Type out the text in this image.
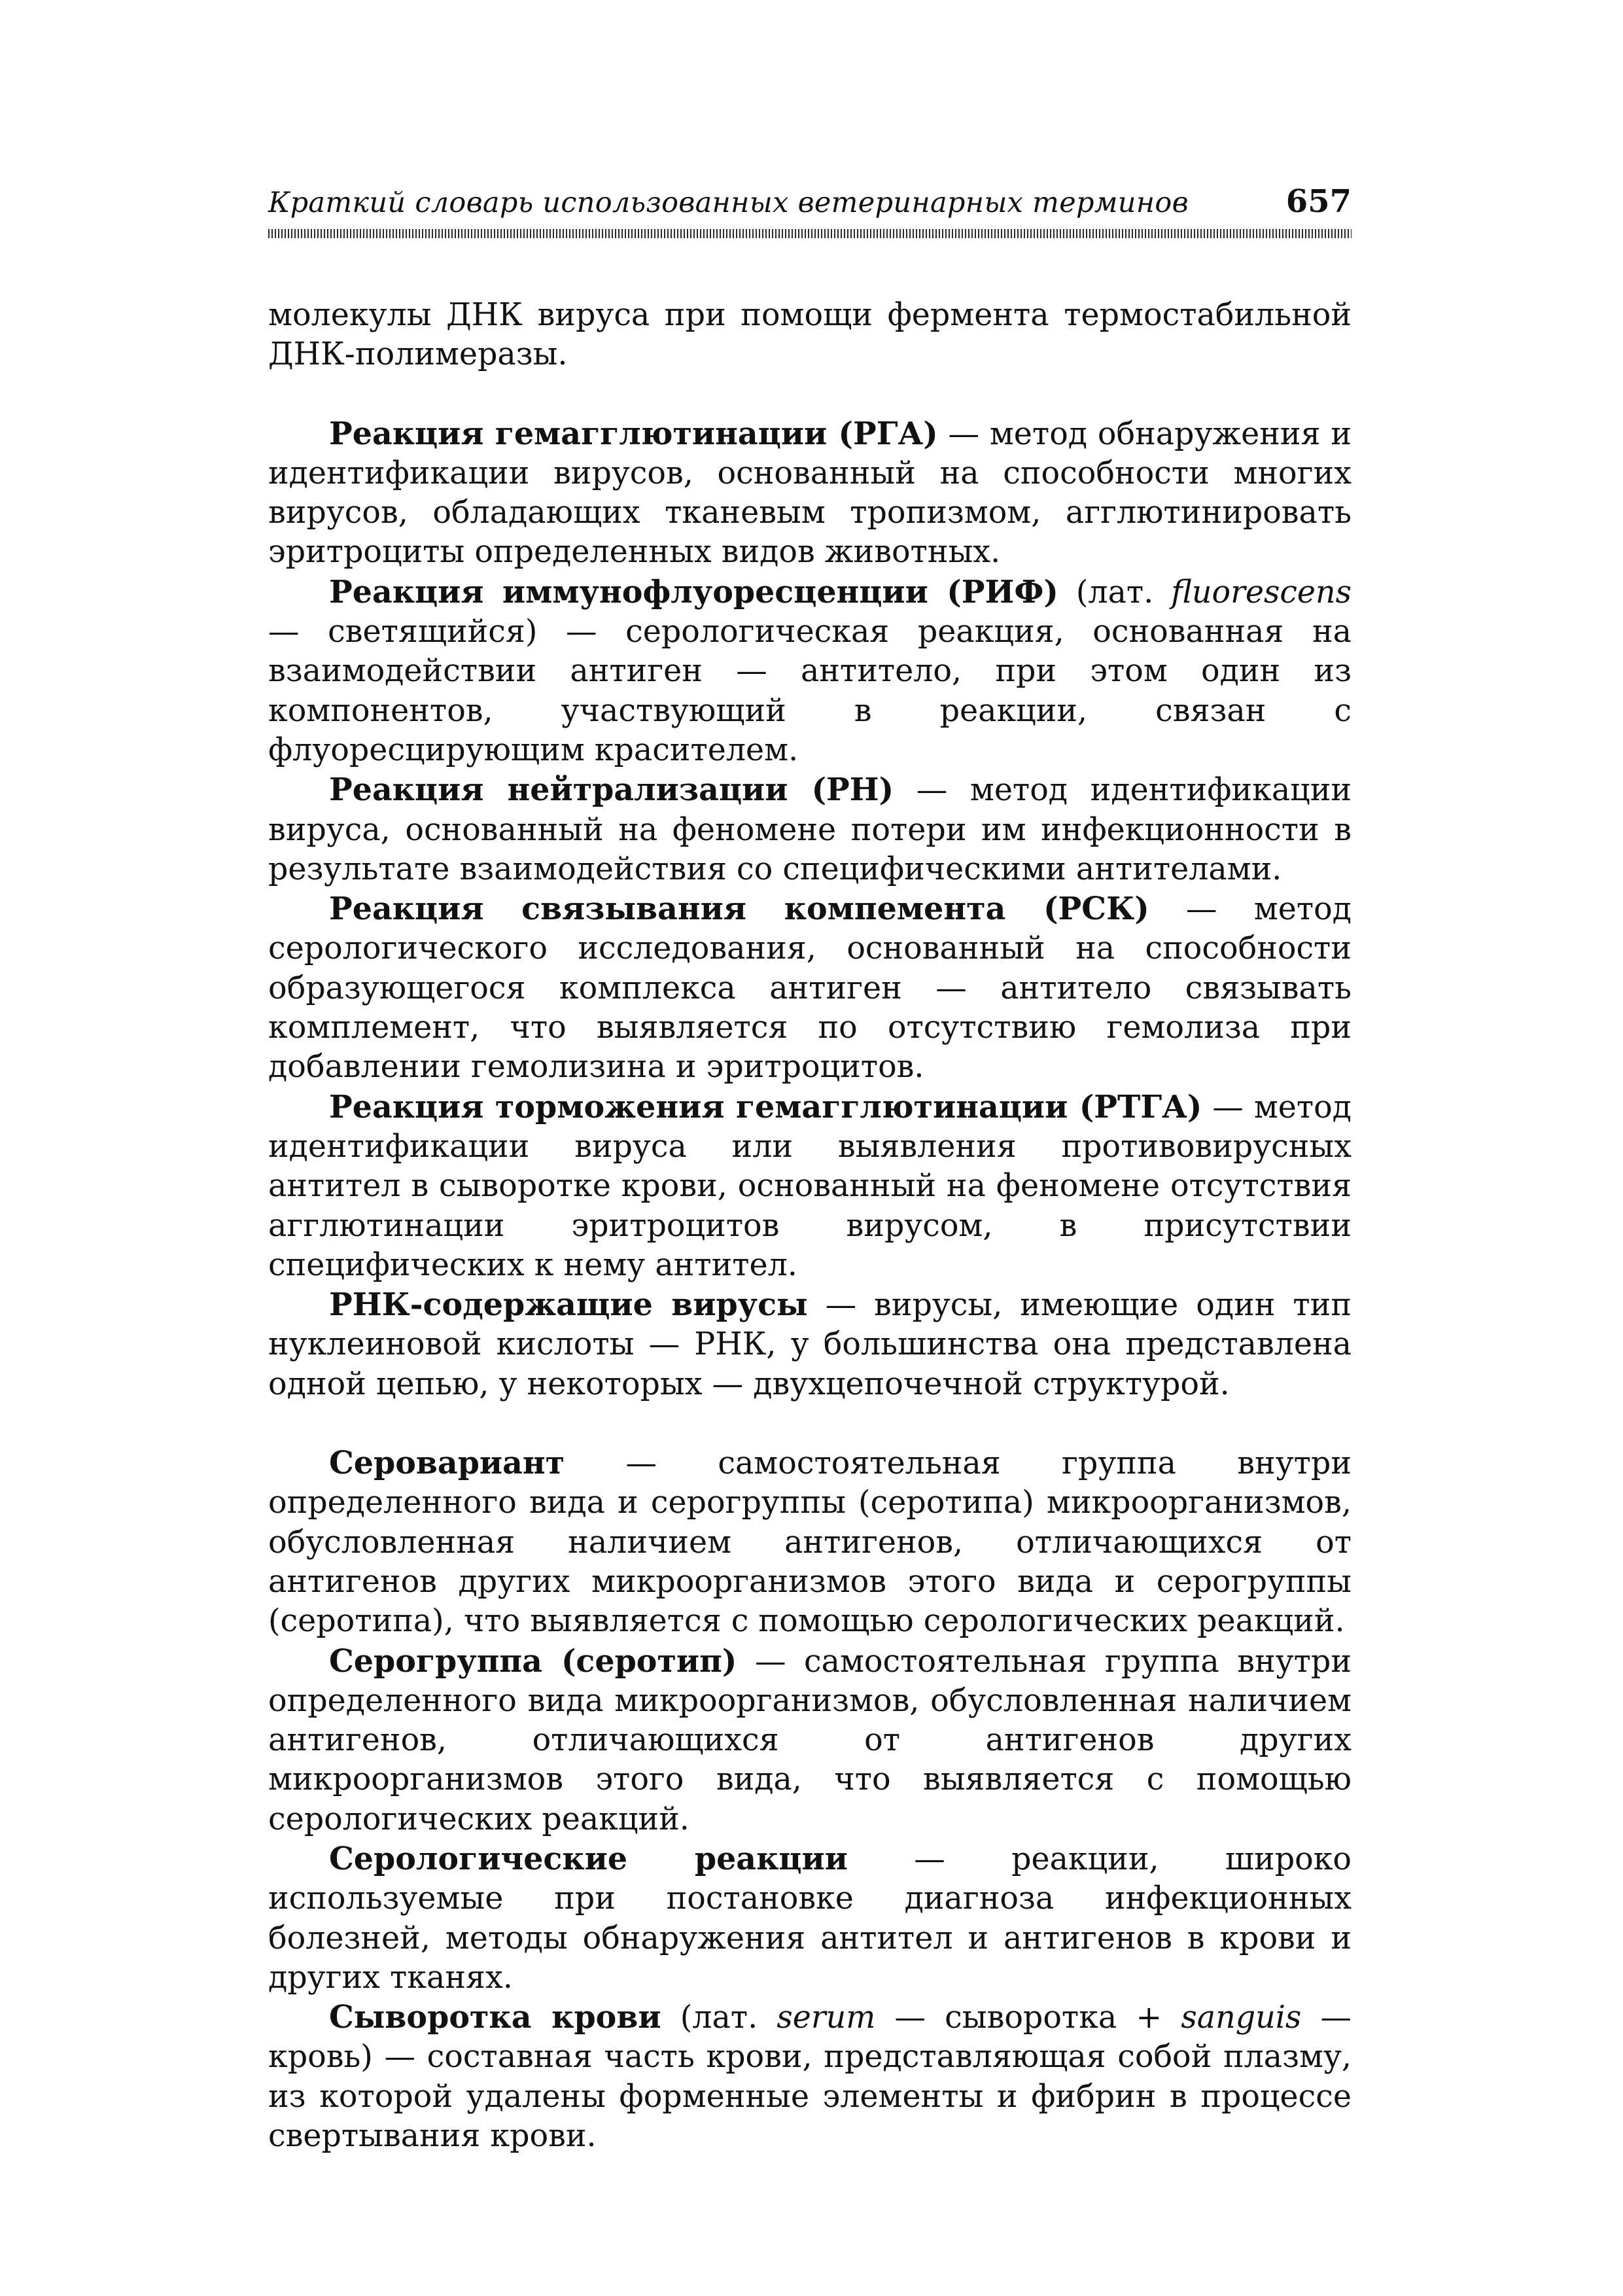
Краткий словарь использованных ветеринарных терминов	657

молекулы ДНК вируса при помощи фермента термостабильной ДНК-полимеразы.

Реакция гемагглютинации (РГА) — метод обнаружения и идентификации вирусов, основанный на способности многих вирусов, обладающих тканевым тропизмом, агглютинировать эритроциты определенных видов животных.

Реакция иммунофлуоресценции (РИФ) (лат. fluorescens — светящийся) — серологическая реакция, основанная на взаимодействии антиген — антитело, при этом один из компонентов, участвующий в реакции, связан с флуоресцирующим красителем.

Реакция нейтрализации (РН) — метод идентификации вируса, основанный на феномене потери им инфекционности в результате взаимодействия со специфическими антителами.

Реакция связывания компемента (РСК) — метод серологического исследования, основанный на способности образующегося комплекса антиген — антитело связывать комплемент, что выявляется по отсутствию гемолиза при добавлении гемолизина и эритроцитов.

Реакция торможения гемагглютинации (РТГА) — метод идентификации вируса или выявления противовирусных антител в сыворотке крови, основанный на феномене отсутствия агглютинации эритроцитов вирусом, в присутствии специфических к нему антител.

РНК-содержащие вирусы — вирусы, имеющие один тип нуклеиновой кислоты — РНК, у большинства она представлена одной цепью, у некоторых — двухцепочечной структурой.

Серовариант — самостоятельная группа внутри определенного вида и серогруппы (серотипа) микроорганизмов, обусловленная наличием антигенов, отличающихся от антигенов других микроорганизмов этого вида и серогруппы (серотипа), что выявляется с помощью серологических реакций.

Серогруппа (серотип) — самостоятельная группа внутри определенного вида микроорганизмов, обусловленная наличием антигенов, отличающихся от антигенов других микроорганизмов этого вида, что выявляется с помощью серологических реакций.

Серологические реакции — реакции, широко используемые при постановке диагноза инфекционных болезней, методы обнаружения антител и антигенов в крови и других тканях.

Сыворотка крови (лат. serum — сыворотка + sanguis — кровь) — составная часть крови, представляющая собой плазму, из которой удалены форменные элементы и фибрин в процессе свертывания крови.
